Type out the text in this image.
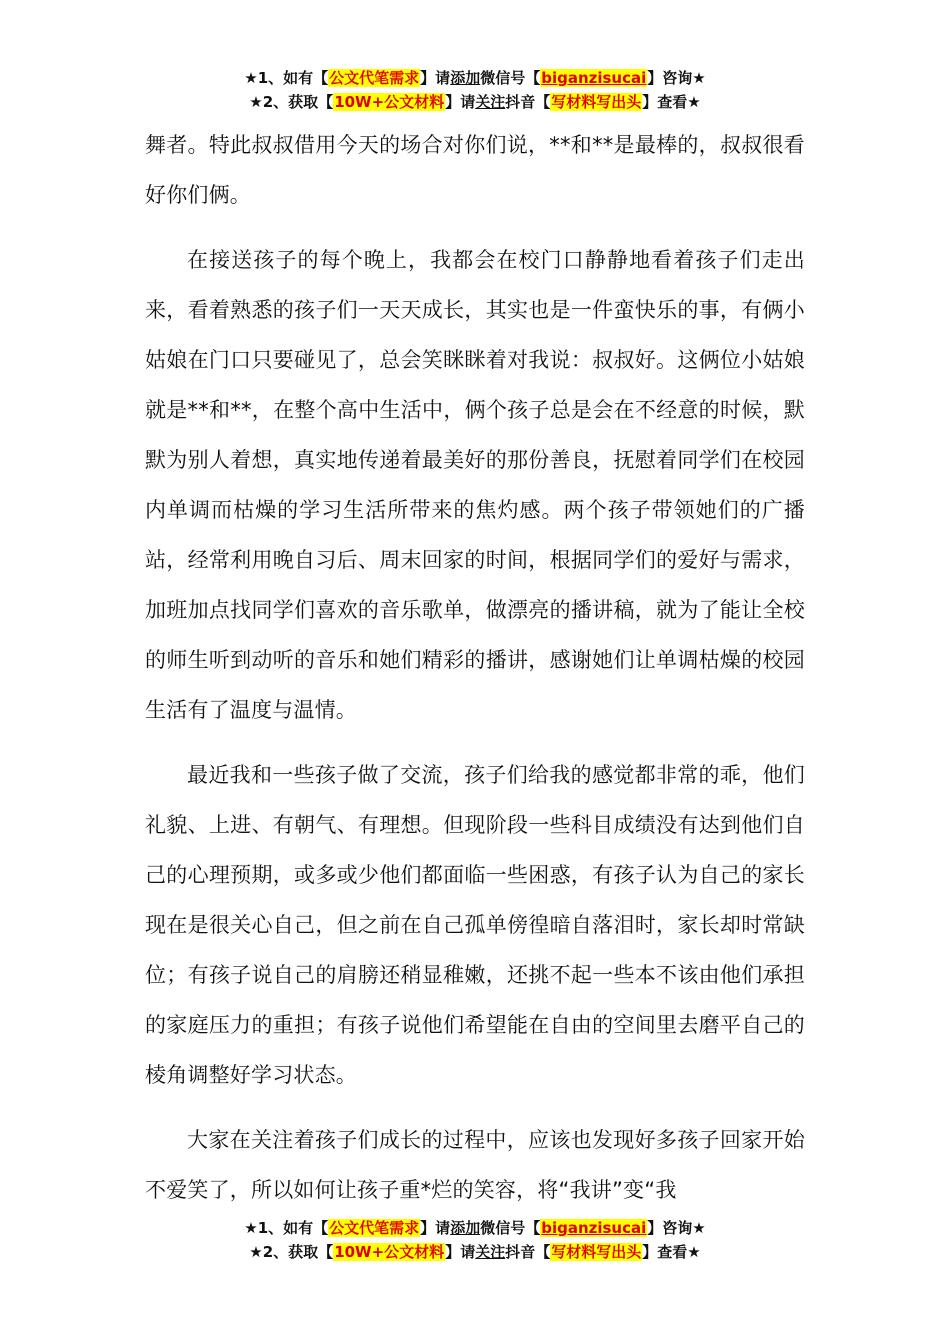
★1、如有【公文代笔需求】请添加微信号【biganzisucai】咨询★
★2、获取【10W+公文材料】请关注抖音【写材料写出头】查看★

舞者。特此叔叔借用今天的场合对你们说，**和**是最棒的，叔叔很看好你们俩。

在接送孩子的每个晚上，我都会在校门口静静地看着孩子们走出来，看着熟悉的孩子们一天天成长，其实也是一件蛮快乐的事，有俩小姑娘在门口只要碰见了，总会笑眯眯着对我说：叔叔好。这俩位小姑娘就是**和**，在整个高中生活中，俩个孩子总是会在不经意的时候，默默为别人着想，真实地传递着最美好的那份善良，抚慰着同学们在校园内单调而枯燥的学习生活所带来的焦灼感。两个孩子带领她们的广播站，经常利用晚自习后、周末回家的时间，根据同学们的爱好与需求，加班加点找同学们喜欢的音乐歌单，做漂亮的播讲稿，就为了能让全校的师生听到动听的音乐和她们精彩的播讲，感谢她们让单调枯燥的校园生活有了温度与温情。

最近我和一些孩子做了交流，孩子们给我的感觉都非常的乖，他们礼貌、上进、有朝气、有理想。但现阶段一些科目成绩没有达到他们自己的心理预期，或多或少他们都面临一些困惑，有孩子认为自己的家长现在是很关心自己，但之前在自己孤单傍徨暗自落泪时，家长却时常缺位；有孩子说自己的肩膀还稍显稚嫩，还挑不起一些本不该由他们承担的家庭压力的重担；有孩子说他们希望能在自由的空间里去磨平自己的棱角调整好学习状态。

大家在关注着孩子们成长的过程中，应该也发现好多孩子回家开始不爱笑了，所以如何让孩子重*烂的笑容，将“我讲”变“我

★1、如有【公文代笔需求】请添加微信号【biganzisucai】咨询★
★2、获取【10W+公文材料】请关注抖音【写材料写出头】查看★
